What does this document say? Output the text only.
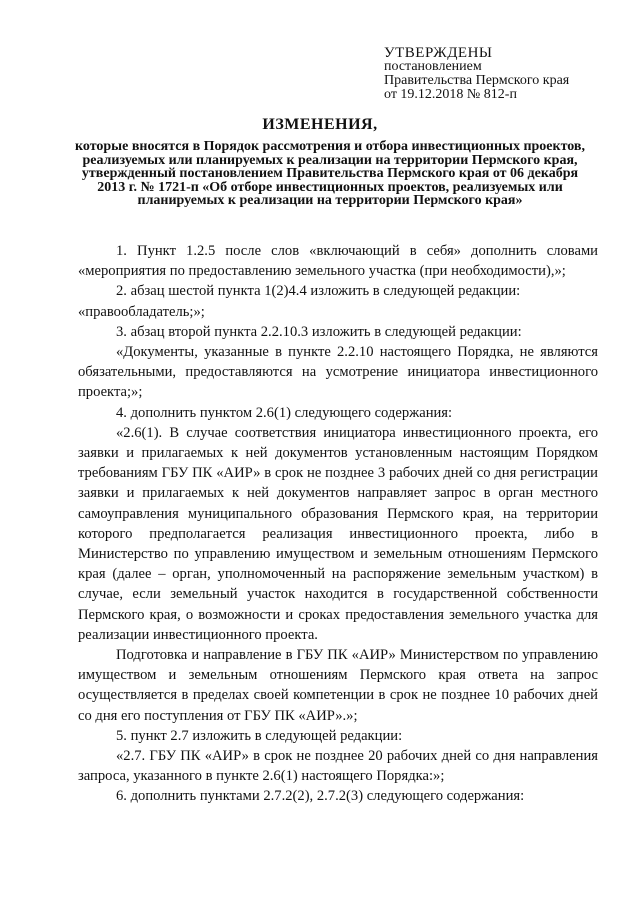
УТВЕРЖДЕНЫ
постановлением
Правительства Пермского края
от 19.12.2018 № 812-п
ИЗМЕНЕНИЯ,
которые вносятся в Порядок рассмотрения и отбора инвестиционных проектов, реализуемых или планируемых к реализации на территории Пермского края, утвержденный постановлением Правительства Пермского края от 06 декабря 2013 г. № 1721-п «Об отборе инвестиционных проектов, реализуемых или планируемых к реализации на территории Пермского края»

1. Пункт 1.2.5 после слов «включающий в себя» дополнить словами «мероприятия по предоставлению земельного участка (при необходимости),»;

2. абзац шестой пункта 1(2)4.4 изложить в следующей редакции:

«правообладатель;»;

3. абзац второй пункта 2.2.10.3 изложить в следующей редакции:

«Документы, указанные в пункте 2.2.10 настоящего Порядка, не являются обязательными, предоставляются на усмотрение инициатора инвестиционного проекта;»;

4. дополнить пунктом 2.6(1) следующего содержания:

«2.6(1). В случае соответствия инициатора инвестиционного проекта, его заявки и прилагаемых к ней документов установленным настоящим Порядком требованиям ГБУ ПК «АИР» в срок не позднее 3 рабочих дней со дня регистрации заявки и прилагаемых к ней документов направляет запрос в орган местного самоуправления муниципального образования Пермского края, на территории которого предполагается реализация инвестиционного проекта, либо в Министерство по управлению имуществом и земельным отношениям Пермского края (далее – орган, уполномоченный на распоряжение земельным участком) в случае, если земельный участок находится в государственной собственности Пермского края, о возможности и сроках предоставления земельного участка для реализации инвестиционного проекта.

Подготовка и направление в ГБУ ПК «АИР» Министерством по управлению имуществом и земельным отношениям Пермского края ответа на запрос осуществляется в пределах своей компетенции в срок не позднее 10 рабочих дней со дня его поступления от ГБУ ПК «АИР».»;

5. пункт 2.7 изложить в следующей редакции:

«2.7. ГБУ ПК «АИР» в срок не позднее 20 рабочих дней со дня направления запроса, указанного в пункте 2.6(1) настоящего Порядка:»;

6. дополнить пунктами 2.7.2(2), 2.7.2(3) следующего содержания:
